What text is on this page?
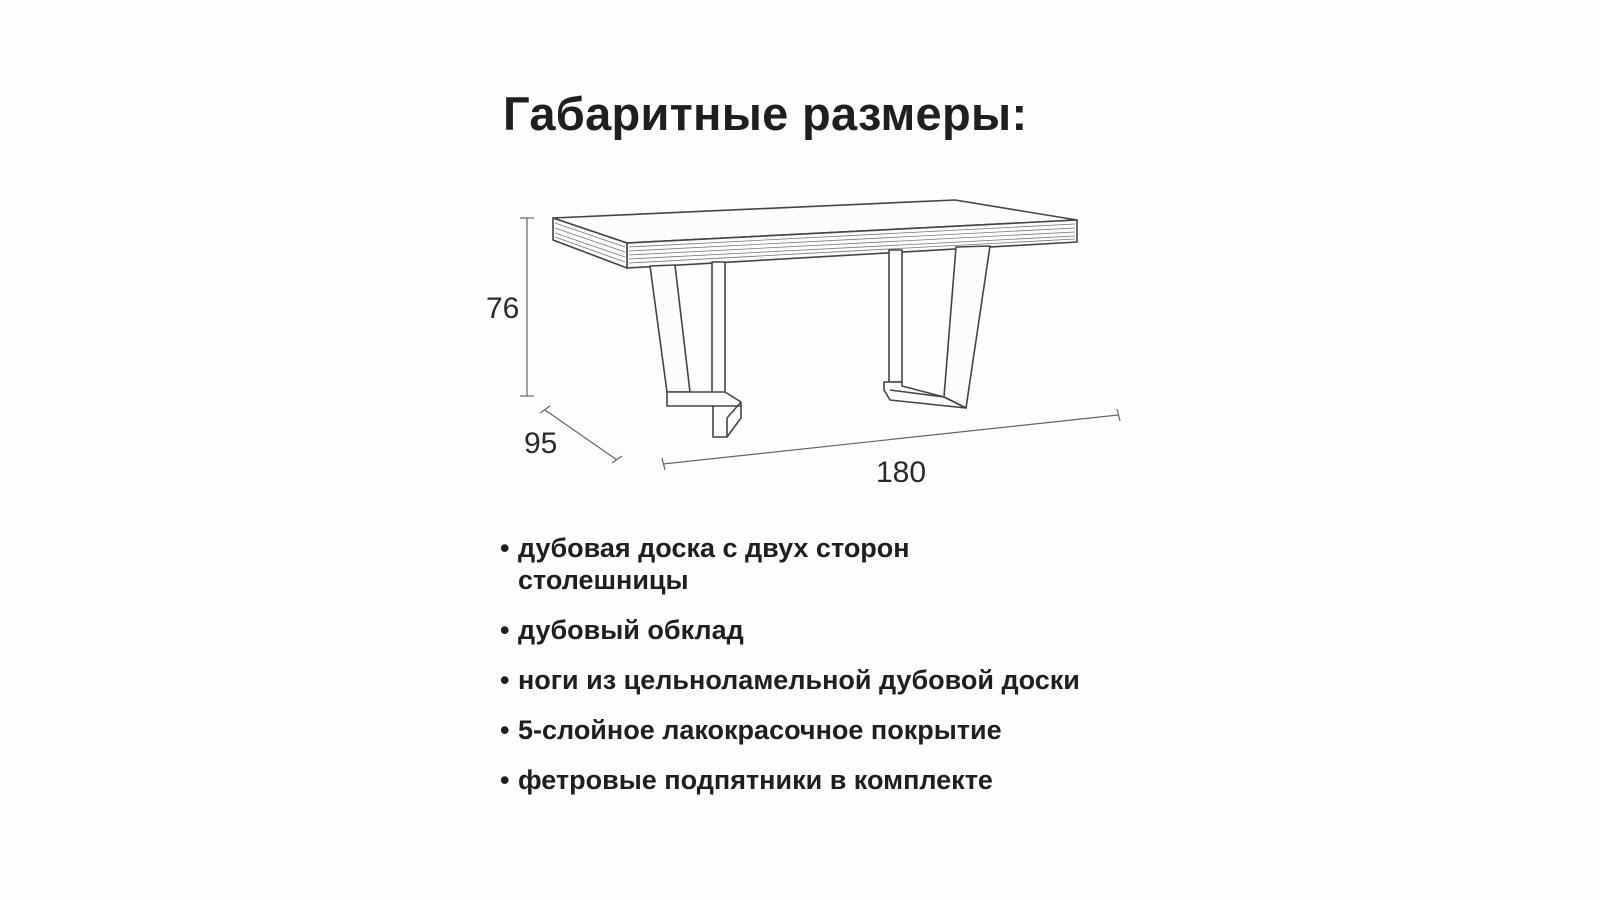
Габаритные размеры:
76
95
180
• дубовая доска с двух сторон столешницы
• дубовый обклад
• ноги из цельноламельной дубовой доски
• 5-слойное лакокрасочное покрытие
• фетровые подпятники в комплекте
